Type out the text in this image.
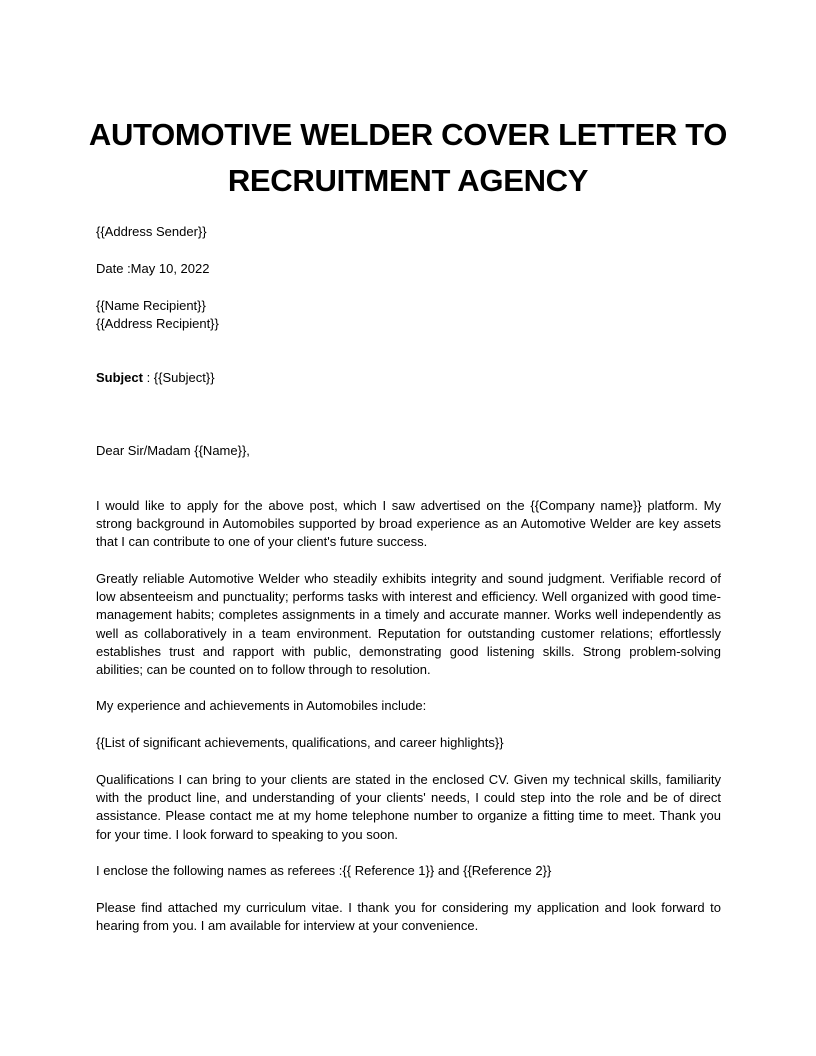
AUTOMOTIVE WELDER COVER LETTER TO
RECRUITMENT AGENCY
{{Address Sender}}
Date :May 10, 2022
{{Name Recipient}}
{{Address Recipient}}
Subject : {{Subject}}
Dear Sir/Madam {{Name}},
I would like to apply for the above post, which I saw advertised on the {{Company name}} platform. My strong background in Automobiles supported by broad experience as an Automotive Welder are key assets that I can contribute to one of your client's future success.
Greatly reliable Automotive Welder who steadily exhibits integrity and sound judgment. Verifiable record of low absenteeism and punctuality; performs tasks with interest and efficiency. Well organized with good time-management habits; completes assignments in a timely and accurate manner. Works well independently as well as collaboratively in a team environment. Reputation for outstanding customer relations; effortlessly establishes trust and rapport with public, demonstrating good listening skills. Strong problem-solving abilities; can be counted on to follow through to resolution.
My experience and achievements in Automobiles include:
{{List of significant achievements, qualifications, and career highlights}}
Qualifications I can bring to your clients are stated in the enclosed CV. Given my technical skills, familiarity with the product line, and understanding of your clients' needs, I could step into the role and be of direct assistance. Please contact me at my home telephone number to organize a fitting time to meet. Thank you for your time. I look forward to speaking to you soon.
I enclose the following names as referees :{{ Reference 1}} and {{Reference 2}}
Please find attached my curriculum vitae. I thank you for considering my application and look forward to hearing from you. I am available for interview at your convenience.
